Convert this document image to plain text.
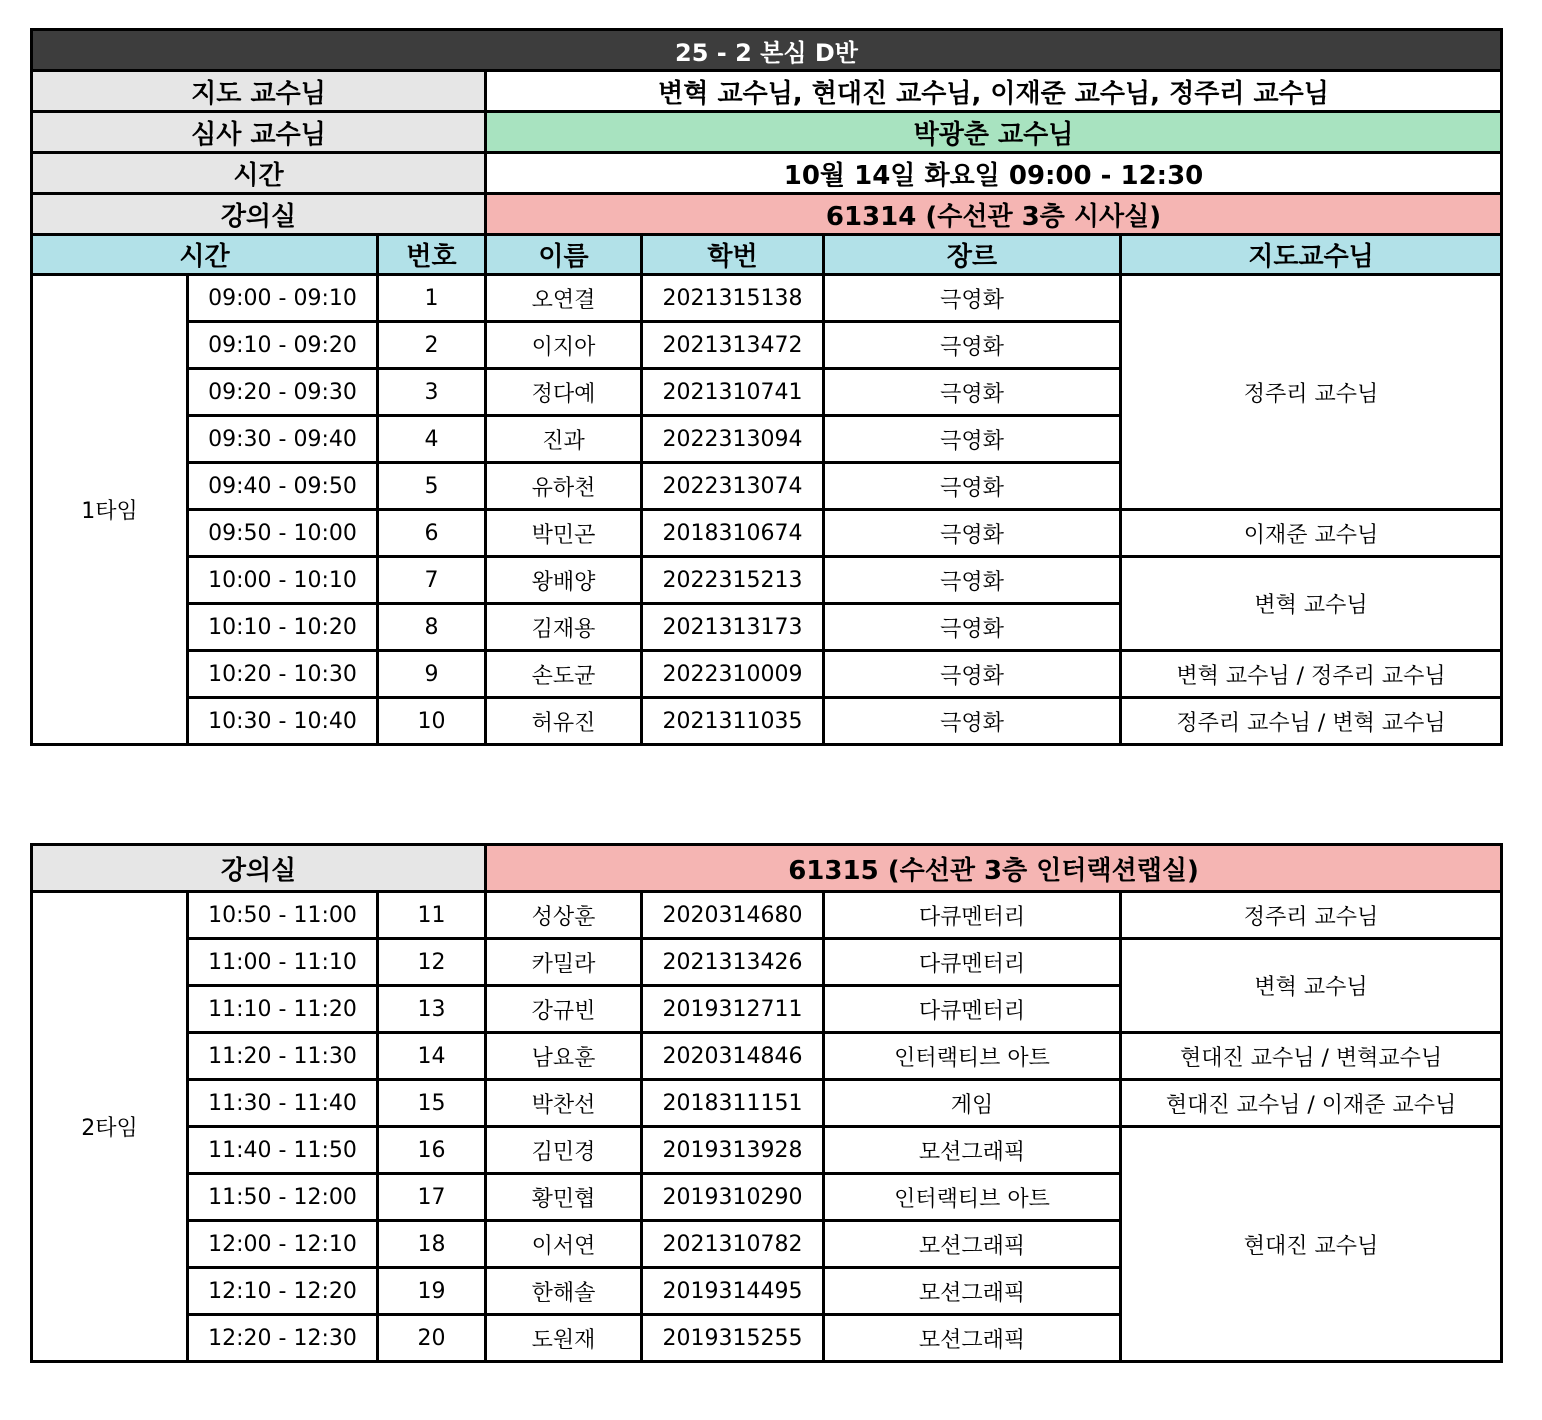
25 - 2 본심 D반						
지도 교수님			변혁 교수님, 현대진 교수님, 이재준 교수님, 정주리 교수님			
심사 교수님			박광춘 교수님			
시간			10월 14일 화요일 09:00 - 12:30			
강의실			61314 (수선관 3층 시사실)			
시간		번호	이름	학번	장르	지도교수님
1타임	09:00 - 09:10	1	오연결	2021315138	극영화	정주리 교수님
	09:10 - 09:20	2	이지아	2021313472	극영화	
	09:20 - 09:30	3	정다예	2021310741	극영화	
	09:30 - 09:40	4	진과	2022313094	극영화	
	09:40 - 09:50	5	유하천	2022313074	극영화	
	09:50 - 10:00	6	박민곤	2018310674	극영화	이재준 교수님
	10:00 - 10:10	7	왕배양	2022315213	극영화	변혁 교수님
	10:10 - 10:20	8	김재용	2021313173	극영화	
	10:20 - 10:30	9	손도균	2022310009	극영화	변혁 교수님 / 정주리 교수님
	10:30 - 10:40	10	허유진	2021311035	극영화	정주리 교수님 / 변혁 교수님
강의실			61315 (수선관 3층 인터랙션랩실)			
2타임	10:50 - 11:00	11	성상훈	2020314680	다큐멘터리	정주리 교수님
	11:00 - 11:10	12	카밀라	2021313426	다큐멘터리	변혁 교수님
	11:10 - 11:20	13	강규빈	2019312711	다큐멘터리	
	11:20 - 11:30	14	남요훈	2020314846	인터랙티브 아트	현대진 교수님 / 변혁교수님
	11:30 - 11:40	15	박찬선	2018311151	게임	현대진 교수님 / 이재준 교수님
	11:40 - 11:50	16	김민경	2019313928	모션그래픽	현대진 교수님
	11:50 - 12:00	17	황민협	2019310290	인터랙티브 아트	
	12:00 - 12:10	18	이서연	2021310782	모션그래픽	
	12:10 - 12:20	19	한해솔	2019314495	모션그래픽	
	12:20 - 12:30	20	도원재	2019315255	모션그래픽	
